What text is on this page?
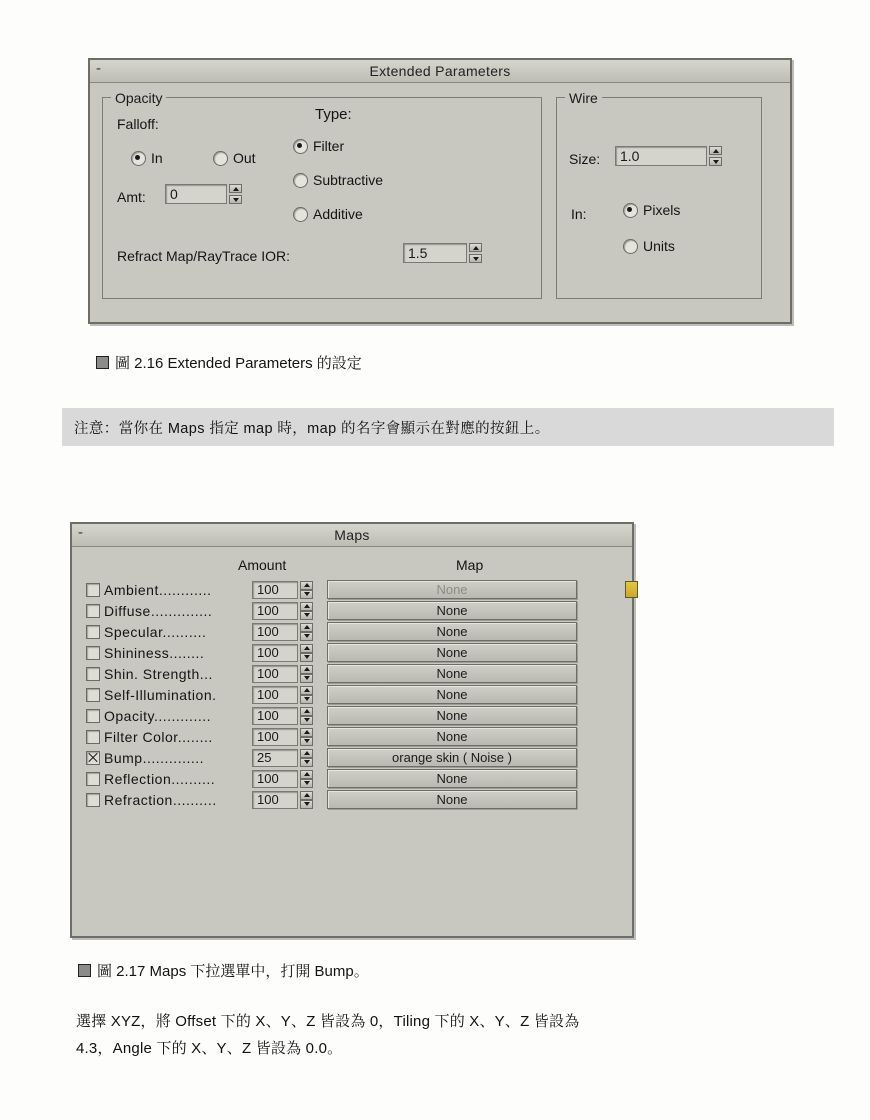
-	Extended Parameters
Opacity
Falloff:
In	Out
Amt:	0
Type:
Filter
Subtractive
Additive
Refract Map/RayTrace IOR:	1.5
Wire
Size:	1.0
In:	Pixels
Units
圖 2.16 Extended Parameters 的設定
注意：當你在 Maps 指定 map 時，map 的名字會顯示在對應的按鈕上。
-	Maps
Amount	Map
Ambient............	100	None
Diffuse..............	100	None
Specular..........	100	None
Shininess........	100	None
Shin. Strength...	100	None
Self-Illumination.	100	None
Opacity.............	100	None
Filter Color........	100	None
Bump..............	25	orange skin ( Noise )
Reflection..........	100	None
Refraction..........	100	None
圖 2.17 Maps 下拉選單中，打開 Bump。
選擇 XYZ，將 Offset 下的 X、Y、Z 皆設為 0，Tiling 下的 X、Y、Z 皆設為
4.3，Angle 下的 X、Y、Z 皆設為 0.0。
